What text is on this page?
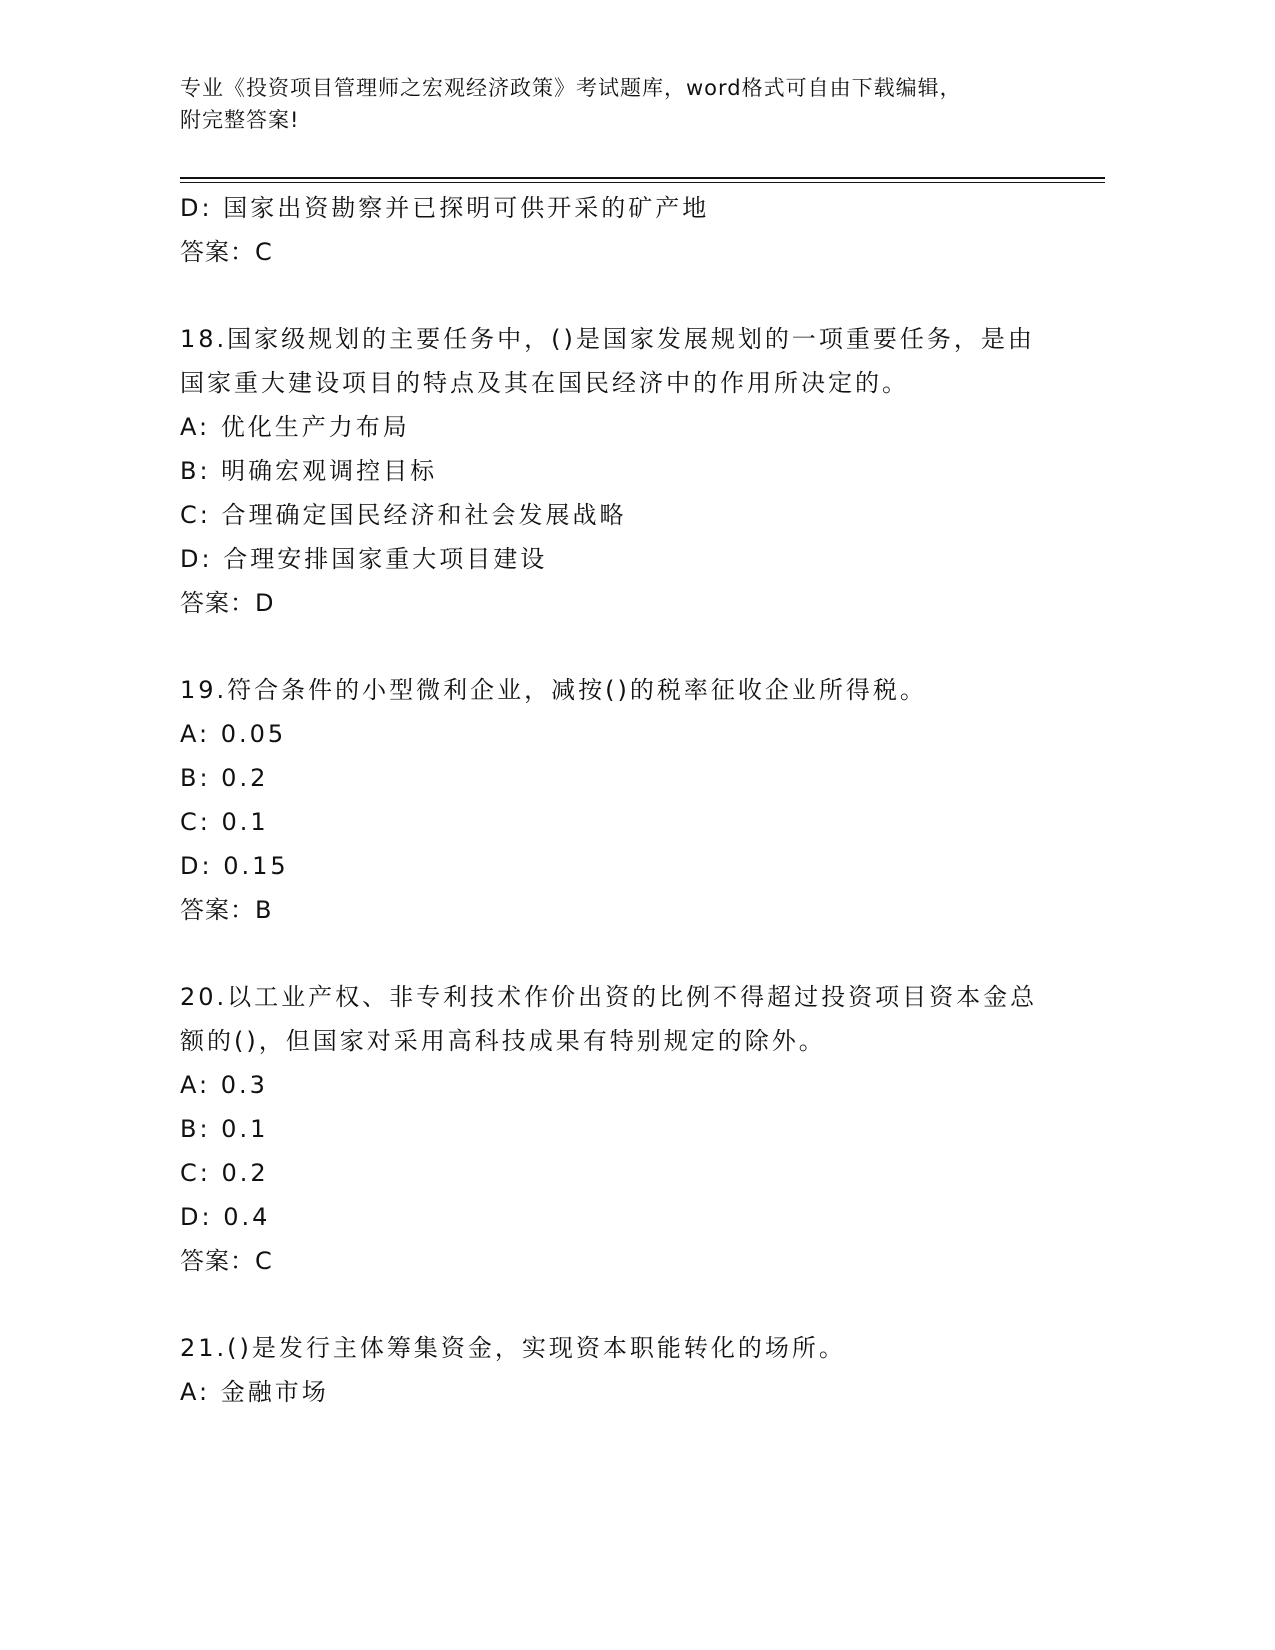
专业《投资项目管理师之宏观经济政策》考试题库，word格式可自由下载编辑，
附完整答案!
D: 国家出资勘察并已探明可供开采的矿产地
答案：C
18.国家级规划的主要任务中，()是国家发展规划的一项重要任务，是由国家重大建设项目的特点及其在国民经济中的作用所决定的。
A: 优化生产力布局
B: 明确宏观调控目标
C: 合理确定国民经济和社会发展战略
D: 合理安排国家重大项目建设
答案：D
19.符合条件的小型微利企业，减按()的税率征收企业所得税。
A: 0.05
B: 0.2
C: 0.1
D: 0.15
答案：B
20.以工业产权、非专利技术作价出资的比例不得超过投资项目资本金总额的()，但国家对采用高科技成果有特别规定的除外。
A: 0.3
B: 0.1
C: 0.2
D: 0.4
答案：C
21.()是发行主体筹集资金，实现资本职能转化的场所。
A: 金融市场
